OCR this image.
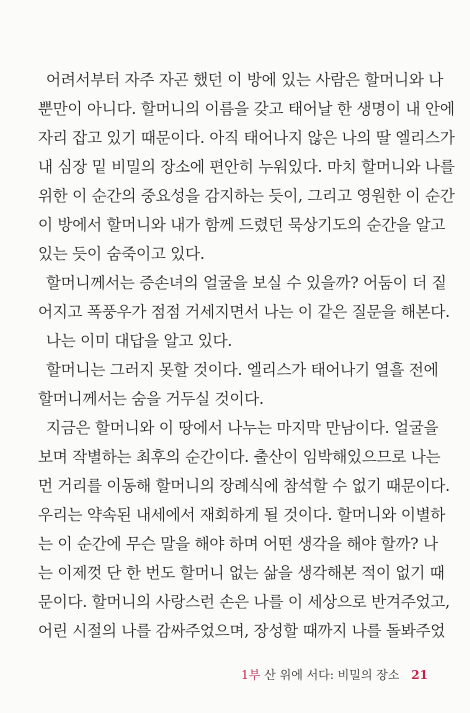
어려서부터 자주 자곤 했던 이 방에 있는 사람은 할머니와 나
뿐만이 아니다. 할머니의 이름을 갖고 태어날 한 생명이 내 안에
자리 잡고 있기 때문이다. 아직 태어나지 않은 나의 딸 엘리스가
내 심장 밑 비밀의 장소에 편안히 누워있다. 마치 할머니와 나를
위한 이 순간의 중요성을 감지하는 듯이, 그리고 영원한 이 순간
이 방에서 할머니와 내가 함께 드렸던 묵상기도의 순간을 알고
있는 듯이 숨죽이고 있다.
할머니께서는 증손녀의 얼굴을 보실 수 있을까? 어둠이 더 짙
어지고 폭풍우가 점점 거세지면서 나는 이 같은 질문을 해본다.
나는 이미 대답을 알고 있다.
할머니는 그러지 못할 것이다. 엘리스가 태어나기 열흘 전에
할머니께서는 숨을 거두실 것이다.
지금은 할머니와 이 땅에서 나누는 마지막 만남이다. 얼굴을
보며 작별하는 최후의 순간이다. 출산이 임박해있으므로 나는
먼 거리를 이동해 할머니의 장례식에 참석할 수 없기 때문이다.
우리는 약속된 내세에서 재회하게 될 것이다. 할머니와 이별하
는 이 순간에 무슨 말을 해야 하며 어떤 생각을 해야 할까? 나
는 이제껏 단 한 번도 할머니 없는 삶을 생각해본 적이 없기 때
문이다. 할머니의 사랑스런 손은 나를 이 세상으로 반겨주었고,
어린 시절의 나를 감싸주었으며, 장성할 때까지 나를 돌봐주었
1부 산 위에 서다: 비밀의 장소 21
